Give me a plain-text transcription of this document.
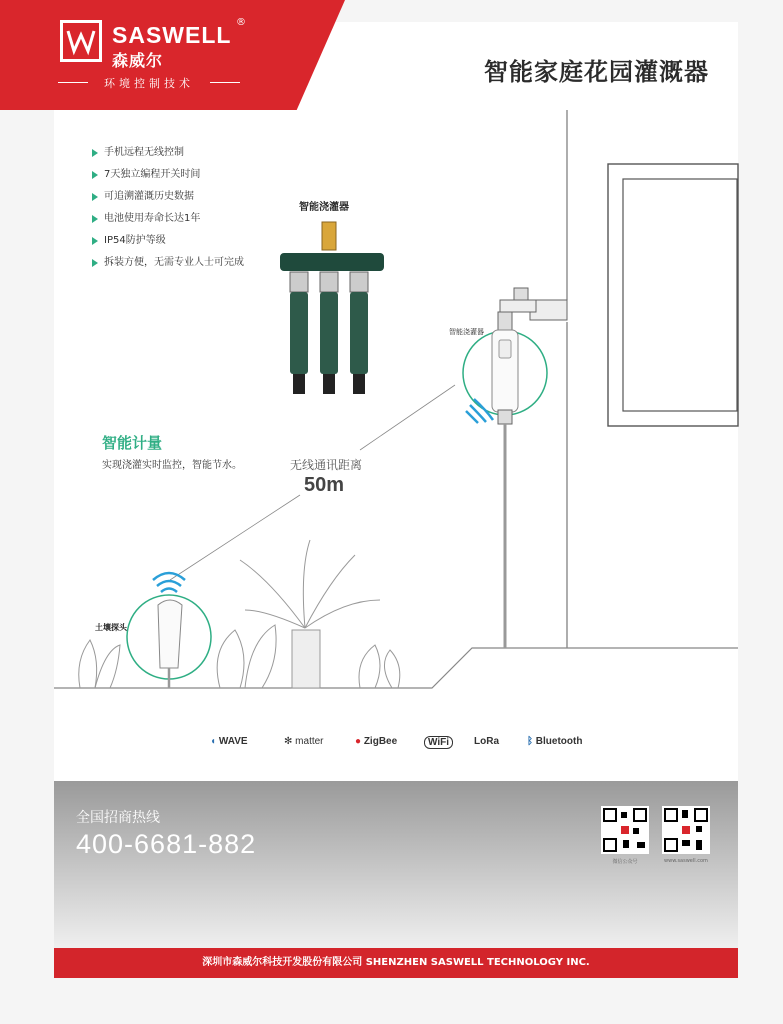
SASWELL ®
森威尔
环境控制技术	智能家庭花园灌溉器
手机远程无线控制
7天独立编程开关时间
可追溯灌溉历史数据
电池使用寿命长达1年
IP54防护等级
拆装方便，无需专业人士可完成
智能浇灌器
智能浇灌器
智能计量
实现浇灌实时监控，智能节水。	无线通讯距离
50m
土壤探头
◖ WAVE	✻ matter	● ZigBee	WiFi	LoRa	ᛒ Bluetooth
全国招商热线
400-6681-882
微信公众号	www.saswell.com
深圳市森威尔科技开发股份有限公司 SHENZHEN SASWELL TECHNOLOGY INC.
